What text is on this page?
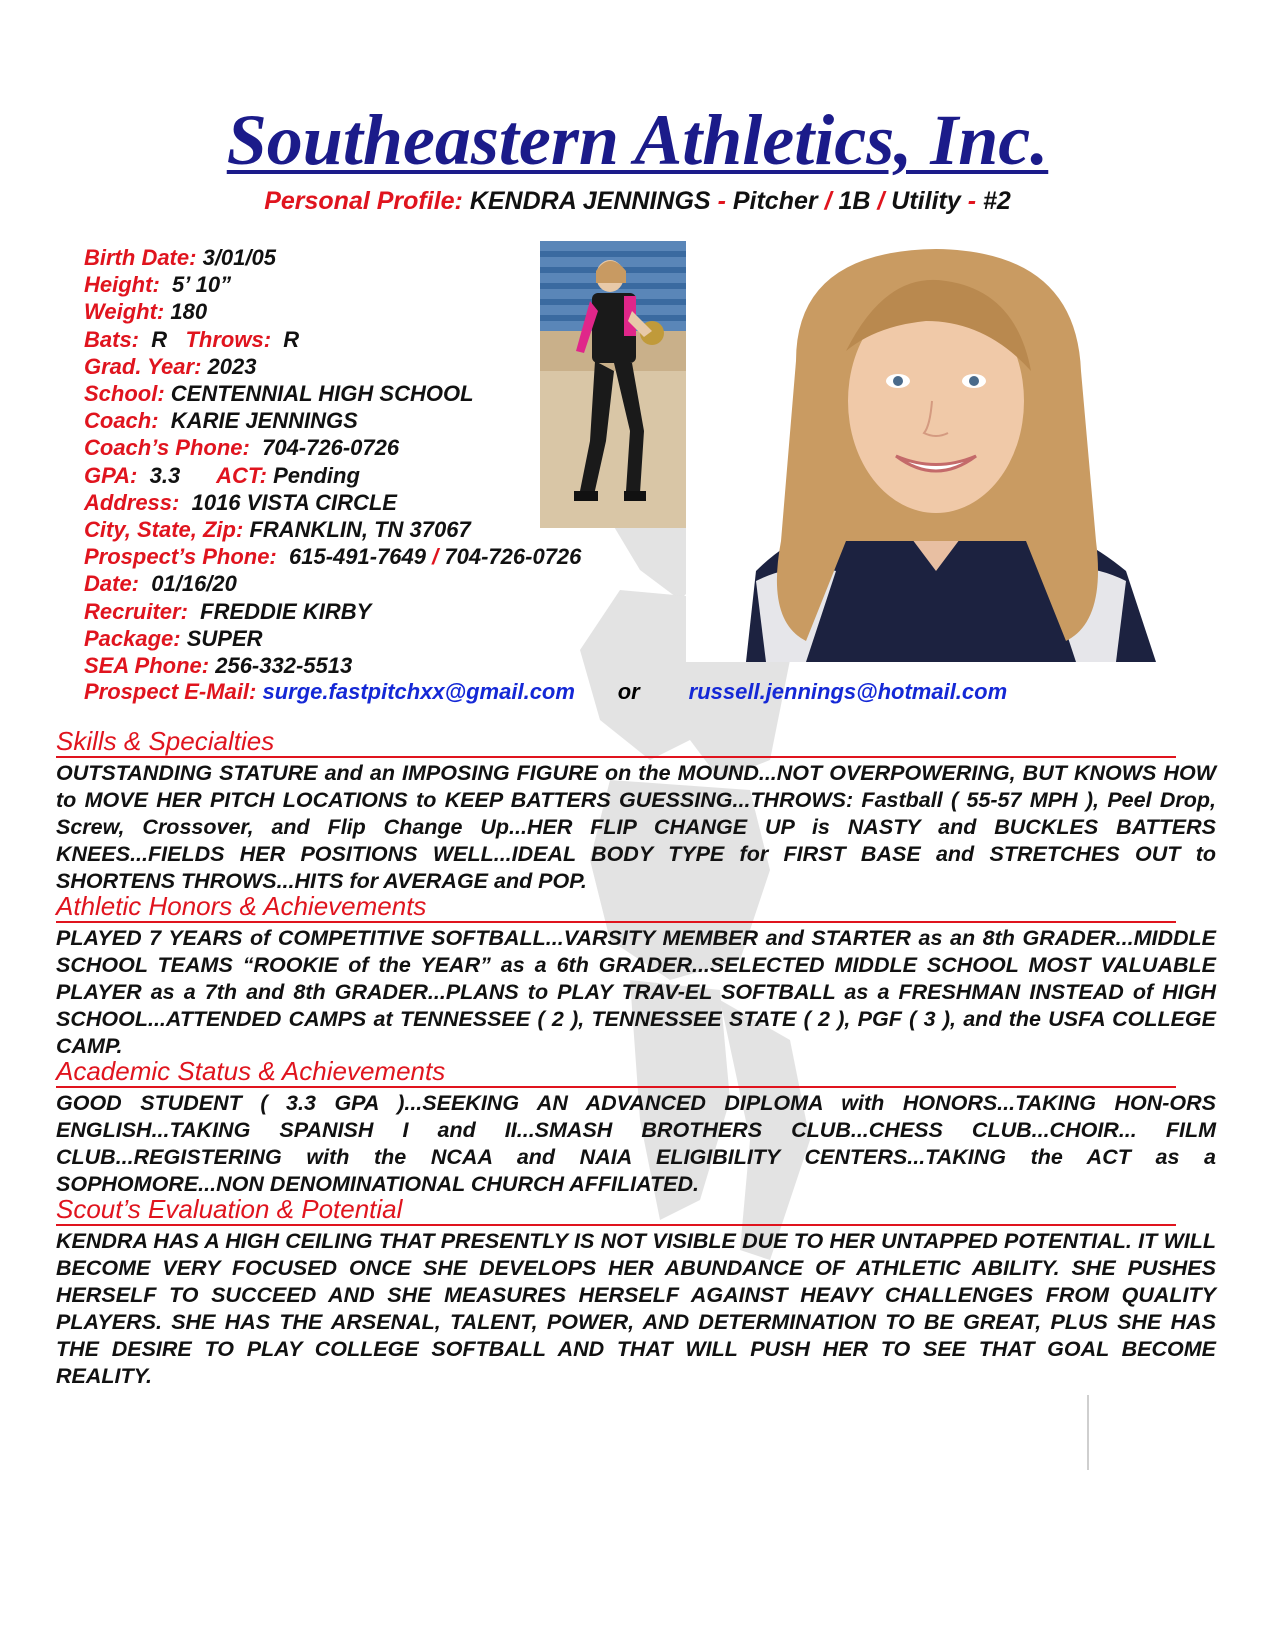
Southeastern Athletics, Inc.
Personal Profile: KENDRA JENNINGS - Pitcher / 1B / Utility - #2
Birth Date: 3/01/05
Height: 5’ 10”
Weight: 180
Bats: R Throws: R
Grad. Year: 2023
School: CENTENNIAL HIGH SCHOOL
Coach: KARIE JENNINGS
Coach’s Phone: 704-726-0726
GPA: 3.3 ACT: Pending
Address: 1016 VISTA CIRCLE
City, State, Zip: FRANKLIN, TN 37067
Prospect’s Phone: 615-491-7649 / 704-726-0726
Date: 01/16/20
Recruiter: FREDDIE KIRBY
Package: SUPER
SEA Phone: 256-332-5513
Prospect E-Mail: surge.fastpitchxx@gmail.com or russell.jennings@hotmail.com
Skills & Specialties
OUTSTANDING STATURE and an IMPOSING FIGURE on the MOUND...NOT OVERPOWERING, BUT KNOWS HOW to MOVE HER PITCH LOCATIONS to KEEP BATTERS GUESSING...THROWS: Fastball ( 55-57 MPH ), Peel Drop, Screw, Crossover, and Flip Change Up...HER FLIP CHANGE UP is NASTY and BUCKLES BATTERS KNEES...FIELDS HER POSITIONS WELL...IDEAL BODY TYPE for FIRST BASE and STRETCHES OUT to SHORTENS THROWS...HITS for AVERAGE and POP.
Athletic Honors & Achievements
PLAYED 7 YEARS of COMPETITIVE SOFTBALL...VARSITY MEMBER and STARTER as an 8th GRADER...MIDDLE SCHOOL TEAMS “ROOKIE of the YEAR” as a 6th GRADER...SELECTED MIDDLE SCHOOL MOST VALUABLE PLAYER as a 7th and 8th GRADER...PLANS to PLAY TRAV-EL SOFTBALL as a FRESHMAN INSTEAD of HIGH SCHOOL...ATTENDED CAMPS at TENNESSEE ( 2 ), TENNESSEE STATE ( 2 ), PGF ( 3 ), and the USFA COLLEGE CAMP.
Academic Status & Achievements
GOOD STUDENT ( 3.3 GPA )...SEEKING AN ADVANCED DIPLOMA with HONORS...TAKING HON-ORS ENGLISH...TAKING SPANISH I and II...SMASH BROTHERS CLUB...CHESS CLUB...CHOIR... FILM CLUB...REGISTERING with the NCAA and NAIA ELIGIBILITY CENTERS...TAKING the ACT as a SOPHOMORE...NON DENOMINATIONAL CHURCH AFFILIATED.
Scout’s Evaluation & Potential
KENDRA HAS A HIGH CEILING THAT PRESENTLY IS NOT VISIBLE DUE TO HER UNTAPPED POTENTIAL. IT WILL BECOME VERY FOCUSED ONCE SHE DEVELOPS HER ABUNDANCE OF ATHLETIC ABILITY. SHE PUSHES HERSELF TO SUCCEED AND SHE MEASURES HERSELF AGAINST HEAVY CHALLENGES FROM QUALITY PLAYERS. SHE HAS THE ARSENAL, TALENT, POWER, AND DETERMINATION TO BE GREAT, PLUS SHE HAS THE DESIRE TO PLAY COLLEGE SOFTBALL AND THAT WILL PUSH HER TO SEE THAT GOAL BECOME REALITY.
